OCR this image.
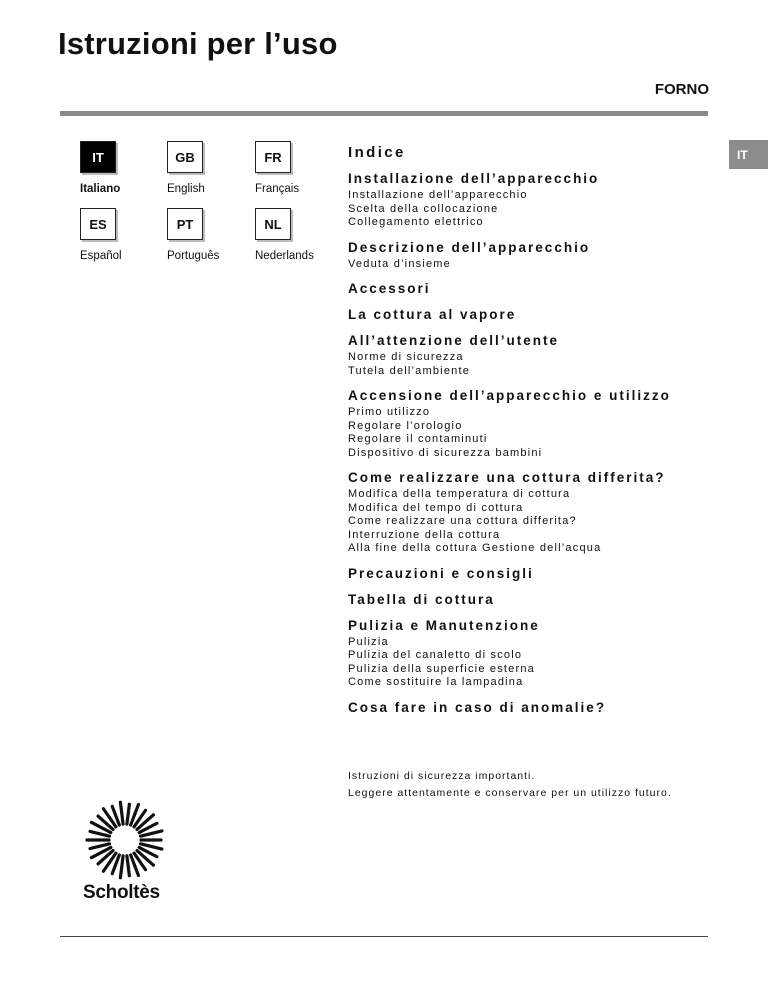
Istruzioni per l’uso
FORNO
IT
IT
Italiano
GB
English
FR
Français
ES
Español
PT
Português
NL
Nederlands
Indice
Installazione dell’apparecchio
Installazione dell’apparecchio
Scelta della collocazione
Collegamento elettrico
Descrizione dell’apparecchio
Veduta d’insieme
Accessori
La cottura al vapore
All’attenzione dell’utente
Norme di sicurezza
Tutela dell’ambiente
Accensione dell’apparecchio e utilizzo
Primo utilizzo
Regolare l’orologio
Regolare il contaminuti
Dispositivo di sicurezza bambini
Come realizzare una cottura differita?
Modifica della temperatura di cottura
Modifica del tempo di cottura
Come realizzare una cottura differita?
Interruzione della cottura
Alla fine della cottura Gestione dell’acqua
Precauzioni e consigli
Tabella di cottura
Pulizia e Manutenzione
Pulizia
Pulizia del canaletto di scolo
Pulizia della superficie esterna
Come sostituire la lampadina
Cosa fare in caso di anomalie?
Istruzioni di sicurezza importanti.
Leggere attentamente e conservare per un utilizzo futuro.
Scholtès
